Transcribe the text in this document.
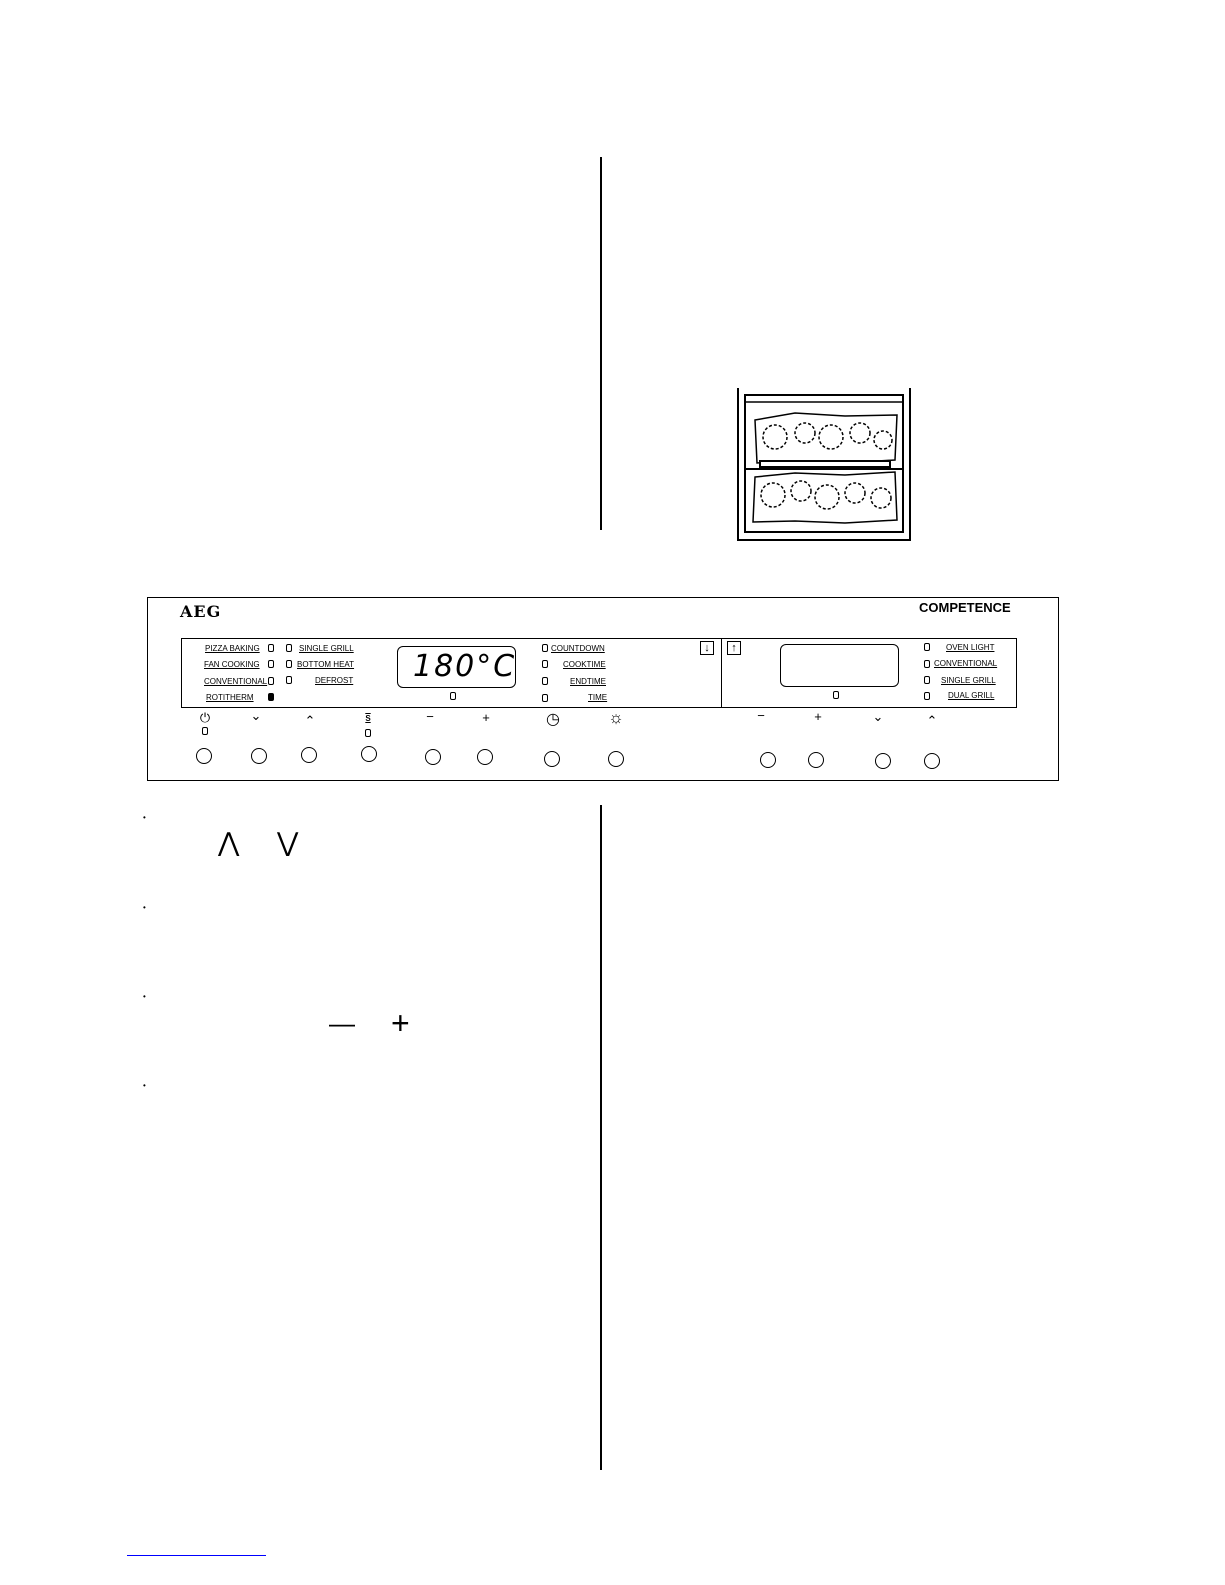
AEG	COMPETENCE
PIZZA BAKING
FAN COOKING
CONVENTIONAL
ROTITHERM
SINGLE GRILL
BOTTOM HEAT
DEFROST 180°C
COUNTDOWN
COOKTIME
ENDTIME
TIME
↓	↑	OVEN LIGHT
CONVENTIONAL
SINGLE GRILL
DUAL GRILL
⏻	⌄	⌃	S	−	+	◷	☼	−	+	⌄	⌃
•
⋀ ⋁
•
•
— +
•
